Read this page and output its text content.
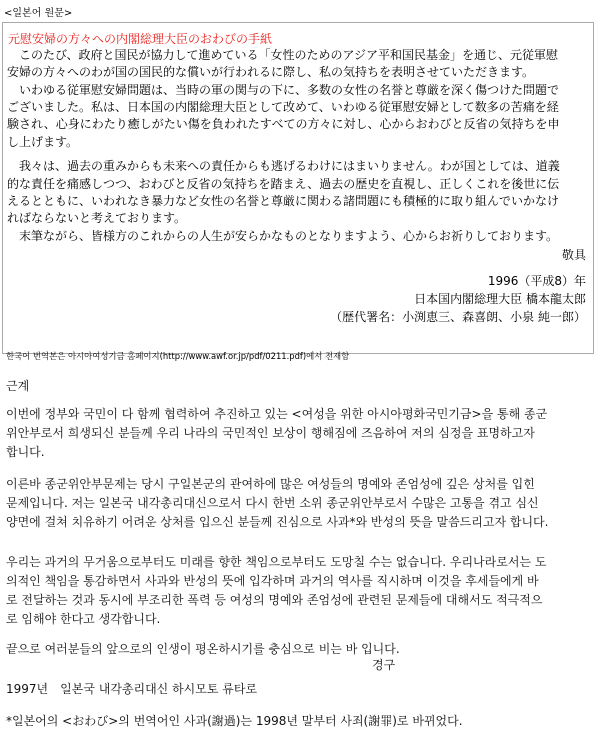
<일본어 원문>
元慰安婦の方々への内閣総理大臣のおわびの手紙
　このたび、政府と国民が協力して進めている「女性のためのアジア平和国民基金」を通じ、元従軍慰
安婦の方々へのわが国の国民的な償いが行われるに際し、私の気持ちを表明させていただきます。
　いわゆる従軍慰安婦問題は、当時の軍の関与の下に、多数の女性の名誉と尊厳を深く傷つけた問題で
ございました。私は、日本国の内閣総理大臣として改めて、いわゆる従軍慰安婦として数多の苦痛を経
験され、心身にわたり癒しがたい傷を負われたすべての方々に対し、心からおわびと反省の気持ちを申
し上げます。
　我々は、過去の重みからも未来への責任からも逃げるわけにはまいりません。わが国としては、道義
的な責任を痛感しつつ、おわびと反省の気持ちを踏まえ、過去の歴史を直視し、正しくこれを後世に伝
えるとともに、いわれなき暴力など女性の名誉と尊厳に関わる諸問題にも積極的に取り組んでいかなけ
ればならないと考えております。
　末筆ながら、皆様方のこれからの人生が安らかなものとなりますよう、心からお祈りしております。
敬具
1996（平成8）年
日本国内閣総理大臣 橋本龍太郎
（歴代署名：小渕恵三、森喜朗、小泉 純一郎）
한국어 번역본은 아시아여성기금 홈페이지(http://www.awf.or.jp/pdf/0211.pdf)에서 전재함
근계
이번에 정부와 국민이 다 함께 협력하여 추진하고 있는 <여성을 위한 아시아평화국민기금>을 통해 종군
위안부로서 희생되신 분들께 우리 나라의 국민적인 보상이 행해짐에 즈음하여 저의 심정을 표명하고자
합니다.
이른바 종군위안부문제는 당시 구일본군의 관여하에 많은 여성들의 명예와 존엄성에 깊은 상처를 입힌
문제입니다. 저는 일본국 내각총리대신으로서 다시 한번 소위 종군위안부로서 수많은 고통을 겪고 심신
양면에 걸쳐 치유하기 어려운 상처를 입으신 분들께 진심으로 사과*와 반성의 뜻을 말씀드리고자 합니다.
우리는 과거의 무거움으로부터도 미래를 향한 책임으로부터도 도망칠 수는 없습니다. 우리나라로서는 도
의적인 책임을 통감하면서 사과와 반성의 뜻에 입각하며 과거의 역사를 직시하며 이것을 후세들에게 바
로 전달하는 것과 동시에 부조리한 폭력 등 여성의 명예와 존엄성에 관련된 문제들에 대해서도 적극적으
로 임해야 한다고 생각합니다.
끝으로 여러분들의 앞으로의 인생이 평온하시기를 충심으로 비는 바 입니다.
경구
1997년　일본국 내각총리대신 하시모토 류타로
*일본어의 <おわび>의 번역어인 사과(謝過)는 1998년 말부터 사죄(謝罪)로 바뀌었다.
